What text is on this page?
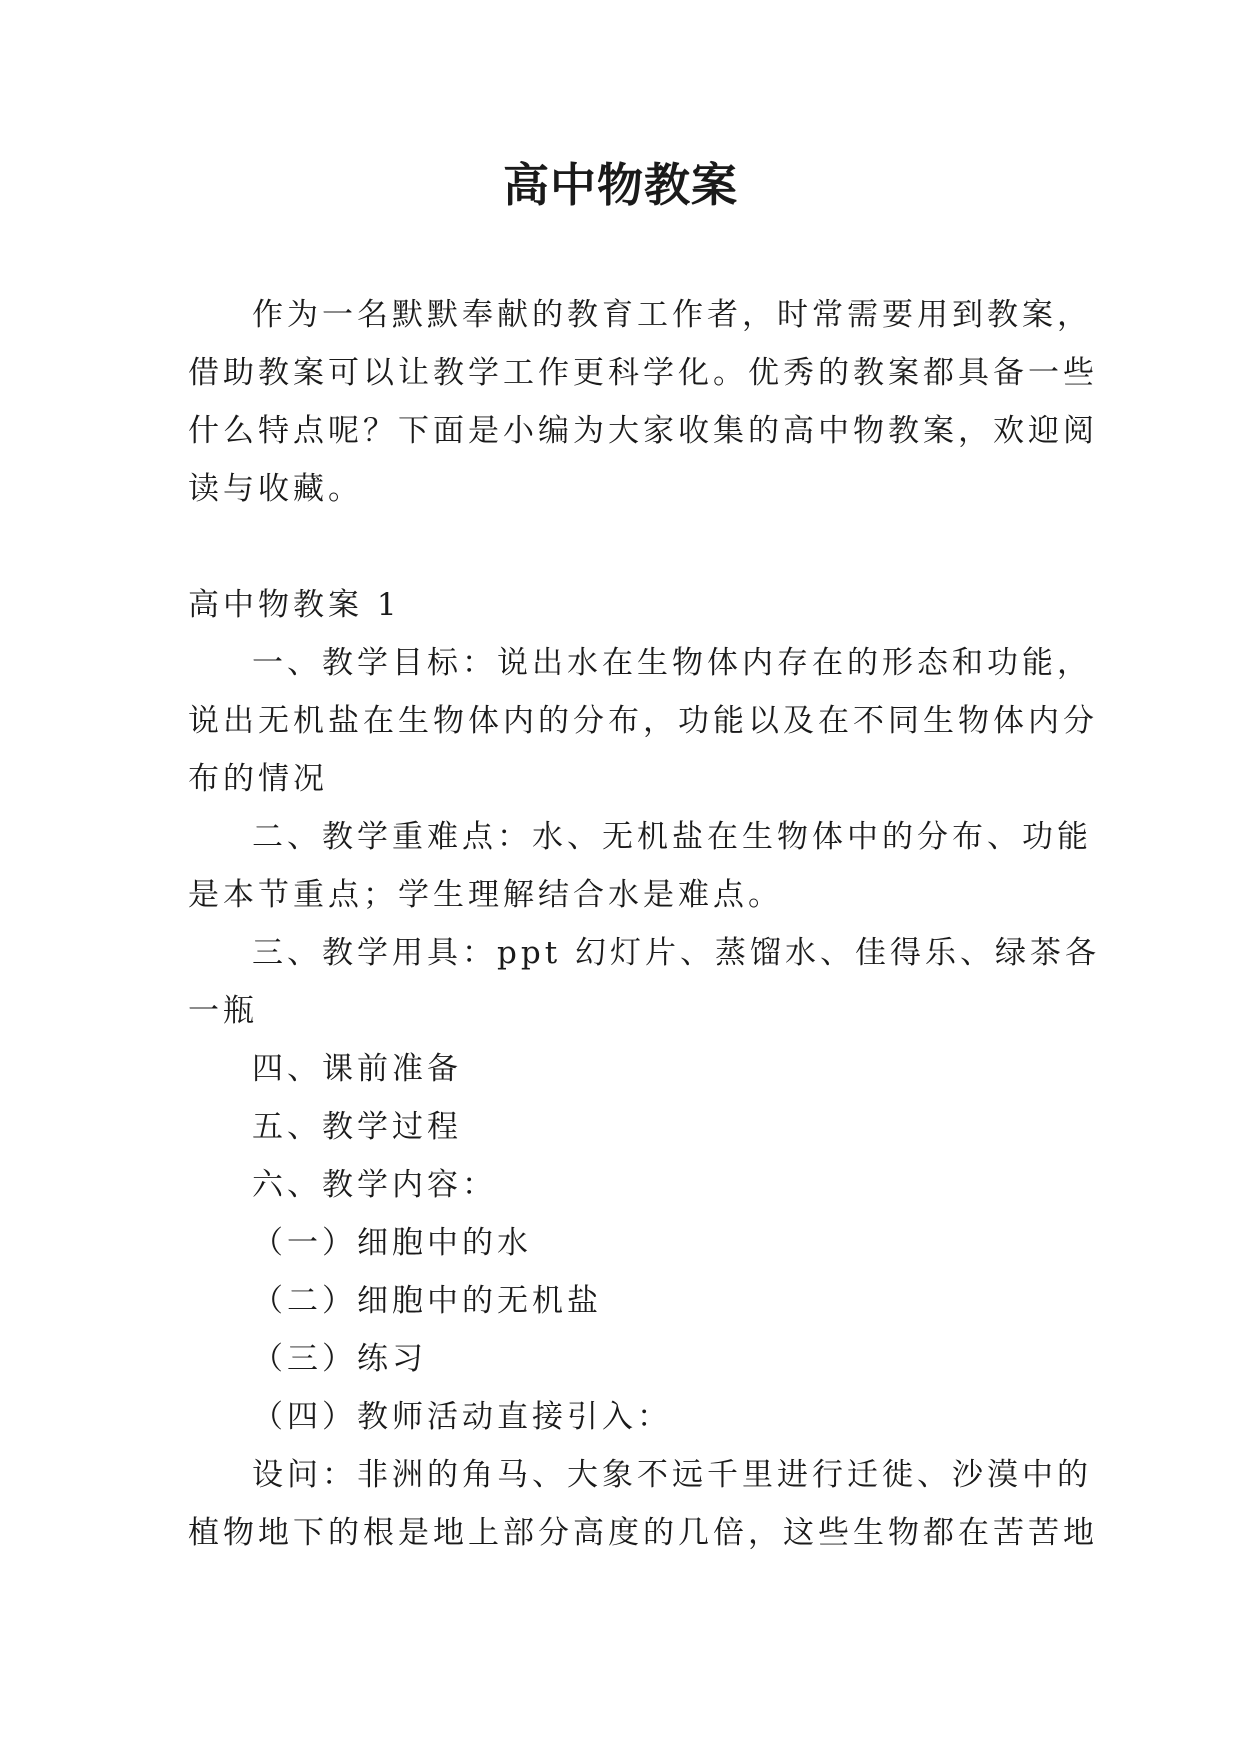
高中物教案

作为一名默默奉献的教育工作者，时常需要用到教案，
借助教案可以让教学工作更科学化。优秀的教案都具备一些
什么特点呢？下面是小编为大家收集的高中物教案，欢迎阅
读与收藏。

高中物教案 1

一、教学目标：说出水在生物体内存在的形态和功能，
说出无机盐在生物体内的分布，功能以及在不同生物体内分
布的情况

二、教学重难点：水、无机盐在生物体中的分布、功能
是本节重点；学生理解结合水是难点。

三、教学用具：ppt 幻灯片、蒸馏水、佳得乐、绿茶各
一瓶

四、课前准备

五、教学过程

六、教学内容：

（一）细胞中的水

（二）细胞中的无机盐

（三）练习

（四）教师活动直接引入：

设问：非洲的角马、大象不远千里进行迁徙、沙漠中的
植物地下的根是地上部分高度的几倍，这些生物都在苦苦地
